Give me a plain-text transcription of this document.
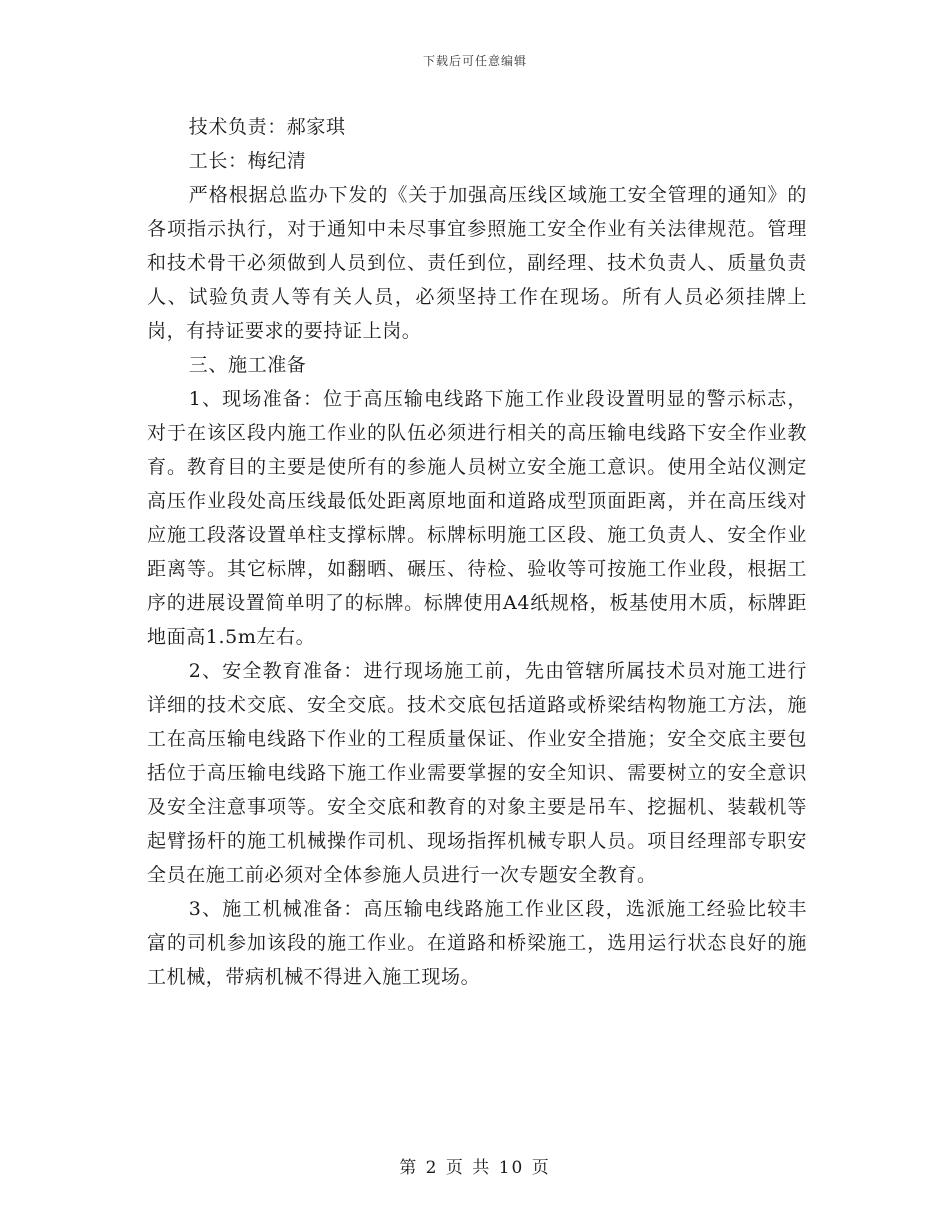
下载后可任意编辑

技术负责：郝家琪

工长：梅纪清

严格根据总监办下发的《关于加强高压线区域施工安全管理的通知》的各项指示执行，对于通知中未尽事宜参照施工安全作业有关法律规范。管理和技术骨干必须做到人员到位、责任到位，副经理、技术负责人、质量负责人、试验负责人等有关人员，必须坚持工作在现场。所有人员必须挂牌上岗，有持证要求的要持证上岗。

三、施工准备

1、现场准备：位于高压输电线路下施工作业段设置明显的警示标志，对于在该区段内施工作业的队伍必须进行相关的高压输电线路下安全作业教育。教育目的主要是使所有的参施人员树立安全施工意识。使用全站仪测定高压作业段处高压线最低处距离原地面和道路成型顶面距离，并在高压线对应施工段落设置单柱支撑标牌。标牌标明施工区段、施工负责人、安全作业距离等。其它标牌，如翻晒、碾压、待检、验收等可按施工作业段，根据工序的进展设置简单明了的标牌。标牌使用A4纸规格，板基使用木质，标牌距地面高1.5m左右。

2、安全教育准备：进行现场施工前，先由管辖所属技术员对施工进行详细的技术交底、安全交底。技术交底包括道路或桥梁结构物施工方法，施工在高压输电线路下作业的工程质量保证、作业安全措施；安全交底主要包括位于高压输电线路下施工作业需要掌握的安全知识、需要树立的安全意识及安全注意事项等。安全交底和教育的对象主要是吊车、挖掘机、装载机等起臂扬杆的施工机械操作司机、现场指挥机械专职人员。项目经理部专职安全员在施工前必须对全体参施人员进行一次专题安全教育。

3、施工机械准备：高压输电线路施工作业区段，选派施工经验比较丰富的司机参加该段的施工作业。在道路和桥梁施工，选用运行状态良好的施工机械，带病机械不得进入施工现场。

第 2 页 共 10 页
